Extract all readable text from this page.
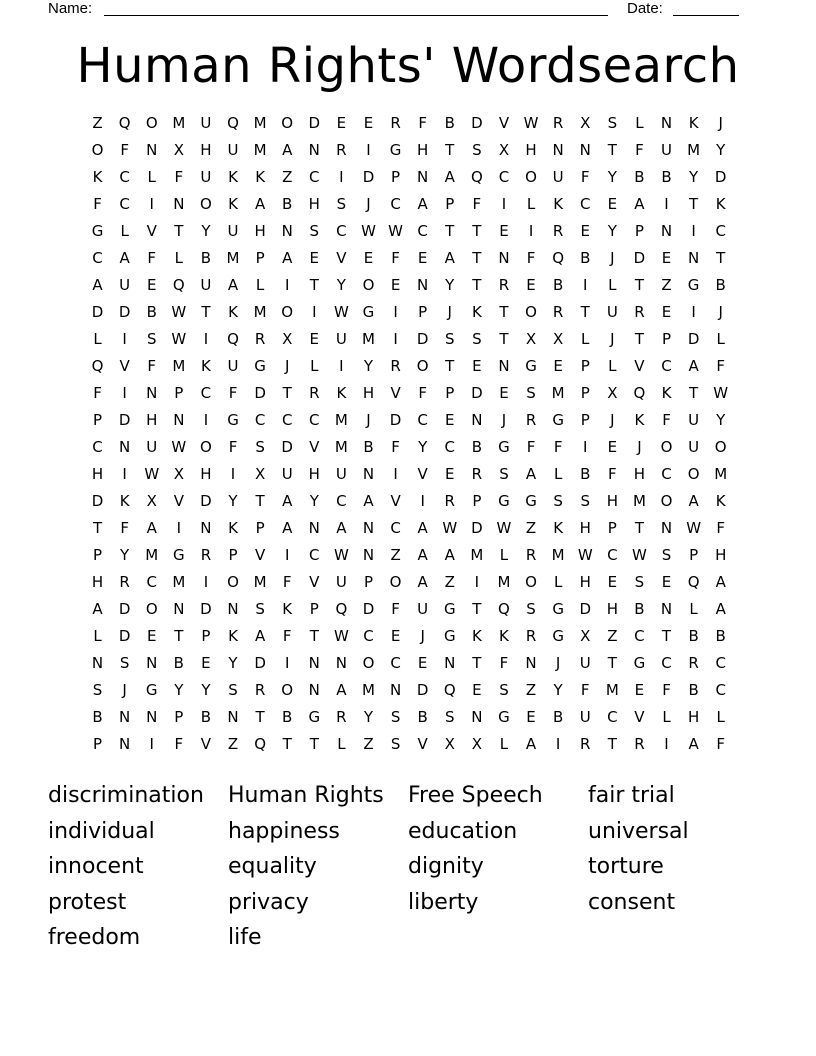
Name:	Date:
Human Rights' Wordsearch
Z	Q	O M	U	Q M O	D	E	E	R	F	B	D	V W R	X	S	L	N	K	J
O	F	N	X	H	U	M	A	N	R	I	G	H	T	S	X	H	N	N	T	F	U	M	Y
K	C	L	F	U	K	K	Z	C	I	D	P	N	A	Q	C	O	U	F	Y	B	B	Y	D
F	C	I	N	O	K	A	B	H	S	J	C	A	P	F	I	L	K	C	E	A	I	T	K
G	L	V	T	Y	U	H	N	S	C W W C	T	T	E	I	R	E	Y	P	N	I	C
C	A	F	L	B	M	P	A	E	V	E	F	E	A	T	N	F	Q	B	J	D	E	N	T
A	U	E	Q	U	A	L	I	T	Y	O	E	N	Y	T	R	E	B	I	L	T	Z	G	B
D	D	B W	T	K	M O	I	W G	I	P	J	K	T	O	R	T	U	R	E	I	J
L	I	S W	I	Q	R	X	E	U	M	I	D	S	S	T	X	X	L	J	T	P	D	L
Q	V	F	M	K	U	G	J	L	I	Y	R	O	T	E	N	G	E	P	L	V	C	A	F
F	I	N	P	C	F	D	T	R	K	H	V	F	P	D	E	S	M	P	X	Q	K	T	W
P	D	H	N	I	G	C	C	C	M	J	D	C	E	N	J	R	G	P	J	K	F	U	Y
C	N	U W O	F	S	D	V	M	B	F	Y	C	B	G	F	F	I	E	J	O	U	O
H	I	W X	H	I	X	U	H	U	N	I	V	E	R	S	A	L	B	F	H	C	O M
D	K	X	V	D	Y	T	A	Y	C	A	V	I	R	P	G	G	S	S	H M O	A	K
T	F	A	I	N	K	P	A	N	A	N	C	A W D W Z	K	H	P	T	N W	F
P	Y	M G	R	P	V	I	C W N	Z	A	A	M	L	R	M W C W S	P	H
H	R	C	M	I	O M	F	V	U	P	O	A	Z	I	M O	L	H	E	S	E	Q	A
A	D	O	N	D	N	S	K	P	Q	D	F	U	G	T	Q	S	G	D	H	B	N	L	A
L	D	E	T	P	K	A	F	T	W C	E	J	G	K	K	R	G	X	Z	C	T	B	B
N	S	N	B	E	Y	D	I	N	N	O	C	E	N	T	F	N	J	U	T	G	C	R	C
S	J	G	Y	Y	S	R	O	N	A	M	N	D	Q	E	S	Z	Y	F	M	E	F	B	C
B	N	N	P	B	N	T	B	G	R	Y	S	B	S	N	G	E	B	U	C	V	L	H	L
P	N	I	F	V	Z	Q	T	T	L	Z	S	V	X	X	L	A	I	R	T	R	I	A	F
discrimination	Human Rights	Free Speech	fair trial
individual	happiness	education	universal
innocent	equality	dignity	torture
protest	privacy	liberty	consent
freedom	life
